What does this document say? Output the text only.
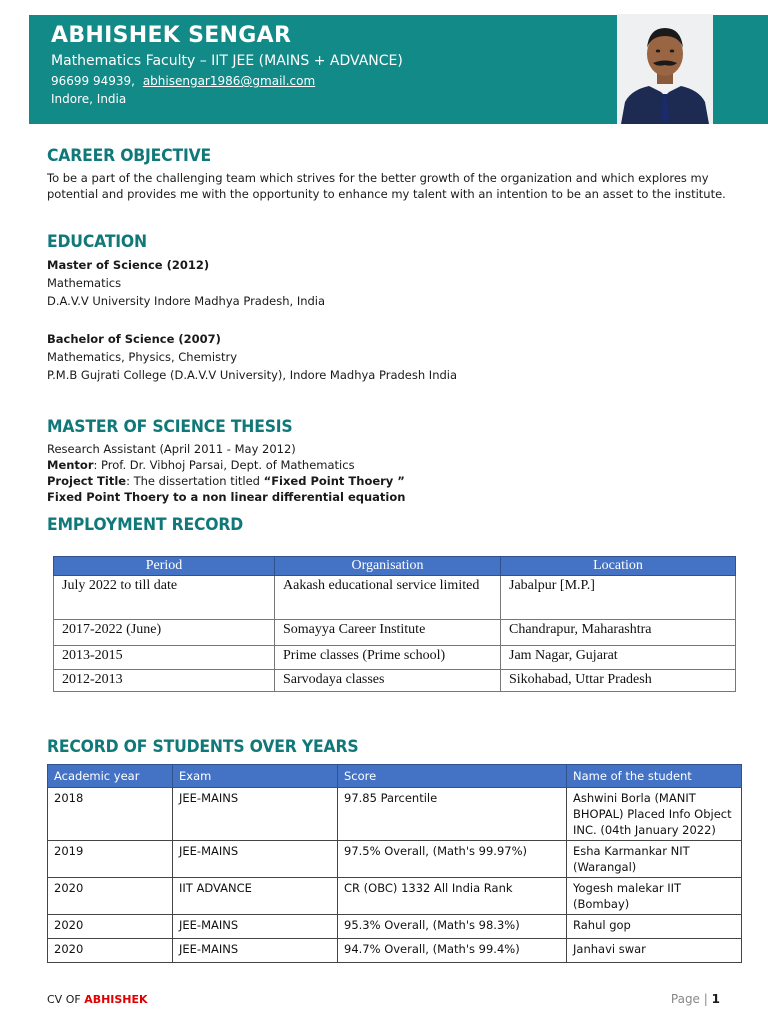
ABHISHEK SENGAR
Mathematics Faculty – IIT JEE (MAINS + ADVANCE)
96699 94939, abhisengar1986@gmail.com
Indore, India
CAREER OBJECTIVE
To be a part of the challenging team which strives for the better growth of the organization and which explores my
potential and provides me with the opportunity to enhance my talent with an intention to be an asset to the institute.
EDUCATION
Master of Science (2012)
Mathematics
D.A.V.V University Indore Madhya Pradesh, India
Bachelor of Science (2007)
Mathematics, Physics, Chemistry
P.M.B Gujrati College (D.A.V.V University), Indore Madhya Pradesh India
MASTER OF SCIENCE THESIS
Research Assistant (April 2011 - May 2012)
Mentor: Prof. Dr. Vibhoj Parsai, Dept. of Mathematics
Project Title: The dissertation titled “Fixed Point Thoery ”
Fixed Point Thoery to a non linear differential equation
EMPLOYMENT RECORD
Period	Organisation	Location
July 2022 to till date	Aakash educational service limited	Jabalpur [M.P.]
2017-2022 (June)	Somayya Career Institute	Chandrapur, Maharashtra
2013-2015	Prime classes (Prime school)	Jam Nagar, Gujarat
2012-2013	Sarvodaya classes	Sikohabad, Uttar Pradesh
RECORD OF STUDENTS OVER YEARS
Academic year	Exam	Score	Name of the student
2018	JEE-MAINS	97.85 Parcentile	Ashwini Borla (MANIT BHOPAL) Placed Info Object INC. (04th January 2022)
2019	JEE-MAINS	97.5% Overall, (Math's 99.97%)	Esha Karmankar NIT (Warangal)
2020	IIT ADVANCE	CR (OBC) 1332 All India Rank	Yogesh malekar IIT (Bombay)
2020	JEE-MAINS	95.3% Overall, (Math's 98.3%)	Rahul gop
2020	JEE-MAINS	94.7% Overall, (Math's 99.4%)	Janhavi swar
CV OF ABHISHEK	Page | 1
